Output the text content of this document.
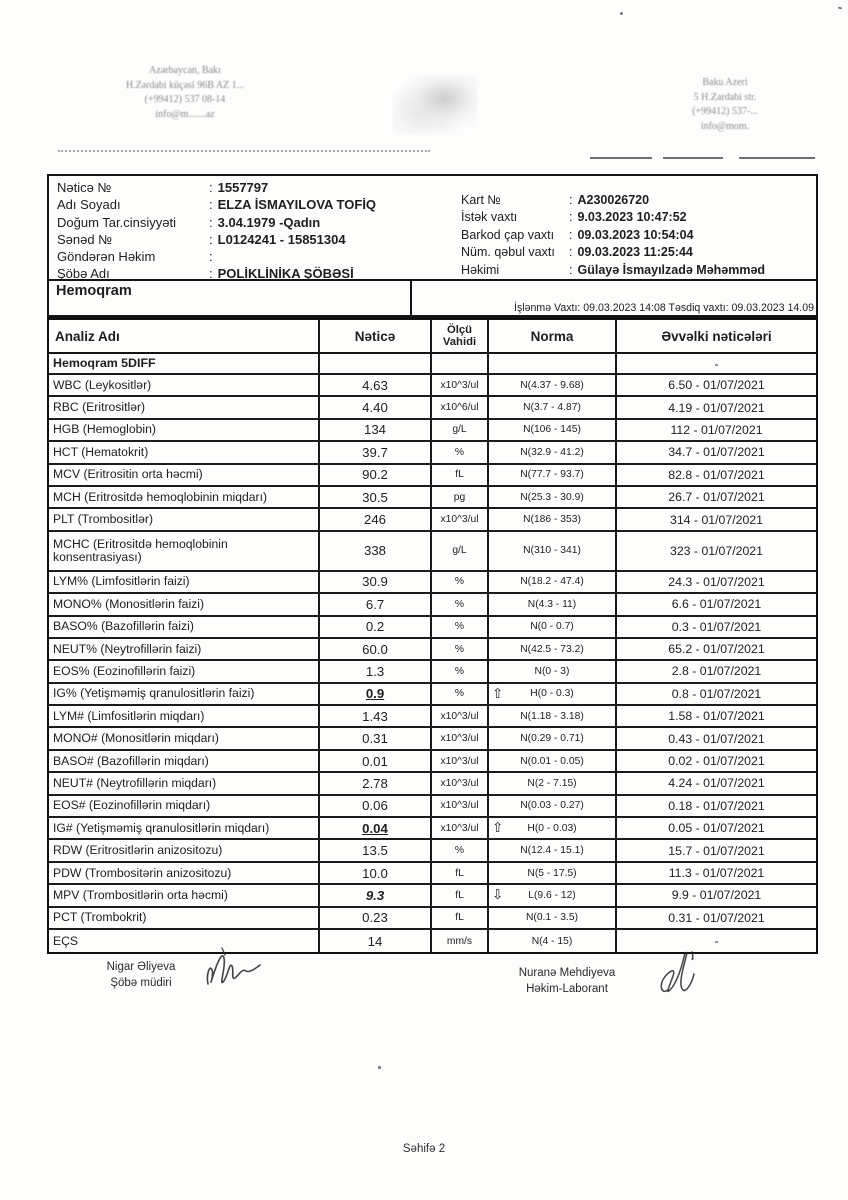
Azərbaycan, Bakı
H.Zərdabi küçəsi 96B AZ 1...
(+99412) 537 08-14
info@m.......az
Baku Azeri
5 H.Zardabi str.
(+99412) 537-...
info@mom.
Nəticə №	: 1557797
Adı Soyadı	: ELZA İSMAYILOVA TOFİQ
Doğum Tar.cinsiyyəti	: 3.04.1979 -Qadın
Sənəd №	: L0124241 - 15851304
Göndərən Həkim	:
Şöbə Adı	: POLİKLİNİKA ŞÖBƏSİ
Kart №	: A230026720
İstək vaxtı	: 9.03.2023 10:47:52
Barkod çap vaxtı : 09.03.2023 10:54:04
Nüm. qəbul vaxtı : 09.03.2023 11:25:44
Həkimi	: Gülayə İsmayılzadə Məhəmməd
Hemoqram
İşlənmə Vaxtı: 09.03.2023 14:08 Təsdiq vaxtı: 09.03.2023 14.09
Analiz Adı	Nəticə	Ölçü Vahidi	Norma	Əvvəlki nəticələri
Hemoqram 5DIFF	-
WBC (Leykositlər)	4.63	x10^3/ul	N(4.37 - 9.68)	6.50 - 01/07/2021
RBC (Eritrositlər)	4.40	x10^6/ul	N(3.7 - 4.87)	4.19 - 01/07/2021
HGB (Hemoglobin)	134	g/L	N(106 - 145)	112 - 01/07/2021
HCT (Hematokrit)	39.7	%	N(32.9 - 41.2)	34.7 - 01/07/2021
MCV (Eritrositin orta həcmi)	90.2	fL	N(77.7 - 93.7)	82.8 - 01/07/2021
MCH (Eritrositdə hemoqlobinin miqdarı)	30.5	pg	N(25.3 - 30.9)	26.7 - 01/07/2021
PLT (Trombositlər)	246	x10^3/ul	N(186 - 353)	314 - 01/07/2021
MCHC (Eritrositdə hemoqlobinin konsentrasiyası)	338	g/L	N(310 - 341)	323 - 01/07/2021
LYM% (Limfositlərin faizi)	30.9	%	N(18.2 - 47.4)	24.3 - 01/07/2021
MONO% (Monositlərin faizi)	6.7	%	N(4.3 - 11)	6.6 - 01/07/2021
BASO% (Bazofillərin faizi)	0.2	%	N(0 - 0.7)	0.3 - 01/07/2021
NEUT% (Neytrofillərin faizi)	60.0	%	N(42.5 - 73.2)	65.2 - 01/07/2021
EOS% (Eozinofillərin faizi)	1.3	%	N(0 - 3)	2.8 - 01/07/2021
IG% (Yetişməmiş qranulositlərin faizi)	0.9	%	⇧	H(0 - 0.3)	0.8 - 01/07/2021
LYM# (Limfositlərin miqdarı)	1.43	x10^3/ul	N(1.18 - 3.18)	1.58 - 01/07/2021
MONO# (Monositlərin miqdarı)	0.31	x10^3/ul	N(0.29 - 0.71)	0.43 - 01/07/2021
BASO# (Bazofillərin miqdarı)	0.01	x10^3/ul	N(0.01 - 0.05)	0.02 - 01/07/2021
NEUT# (Neytrofillərin miqdarı)	2.78	x10^3/ul	N(2 - 7.15)	4.24 - 01/07/2021
EOS# (Eozinofillərin miqdarı)	0.06	x10^3/ul	N(0.03 - 0.27)	0.18 - 01/07/2021
IG# (Yetişməmiş qranulositlərin miqdarı)	0.04	x10^3/ul ⇧ H(0 - 0.03)	0.05 - 01/07/2021
RDW (Eritrositlərin anizositozu)	13.5	%	N(12.4 - 15.1)	15.7 - 01/07/2021
PDW (Trombositərin anizositozu)	10.0	fL	N(5 - 17.5)	11.3 - 01/07/2021
MPV (Trombositlərin orta həcmi)	9.3	fL	⇩ L(9.6 - 12)	9.9 - 01/07/2021
PCT (Trombokrit)	0.23	fL	N(0.1 - 3.5)	0.31 - 01/07/2021
EÇS	14	mm/s	N(4 - 15)	-
Nigar Əliyeva
Şöbə müdiri
Nuranə Mehdiyeva
Həkim-Laborant
Səhifə 2
